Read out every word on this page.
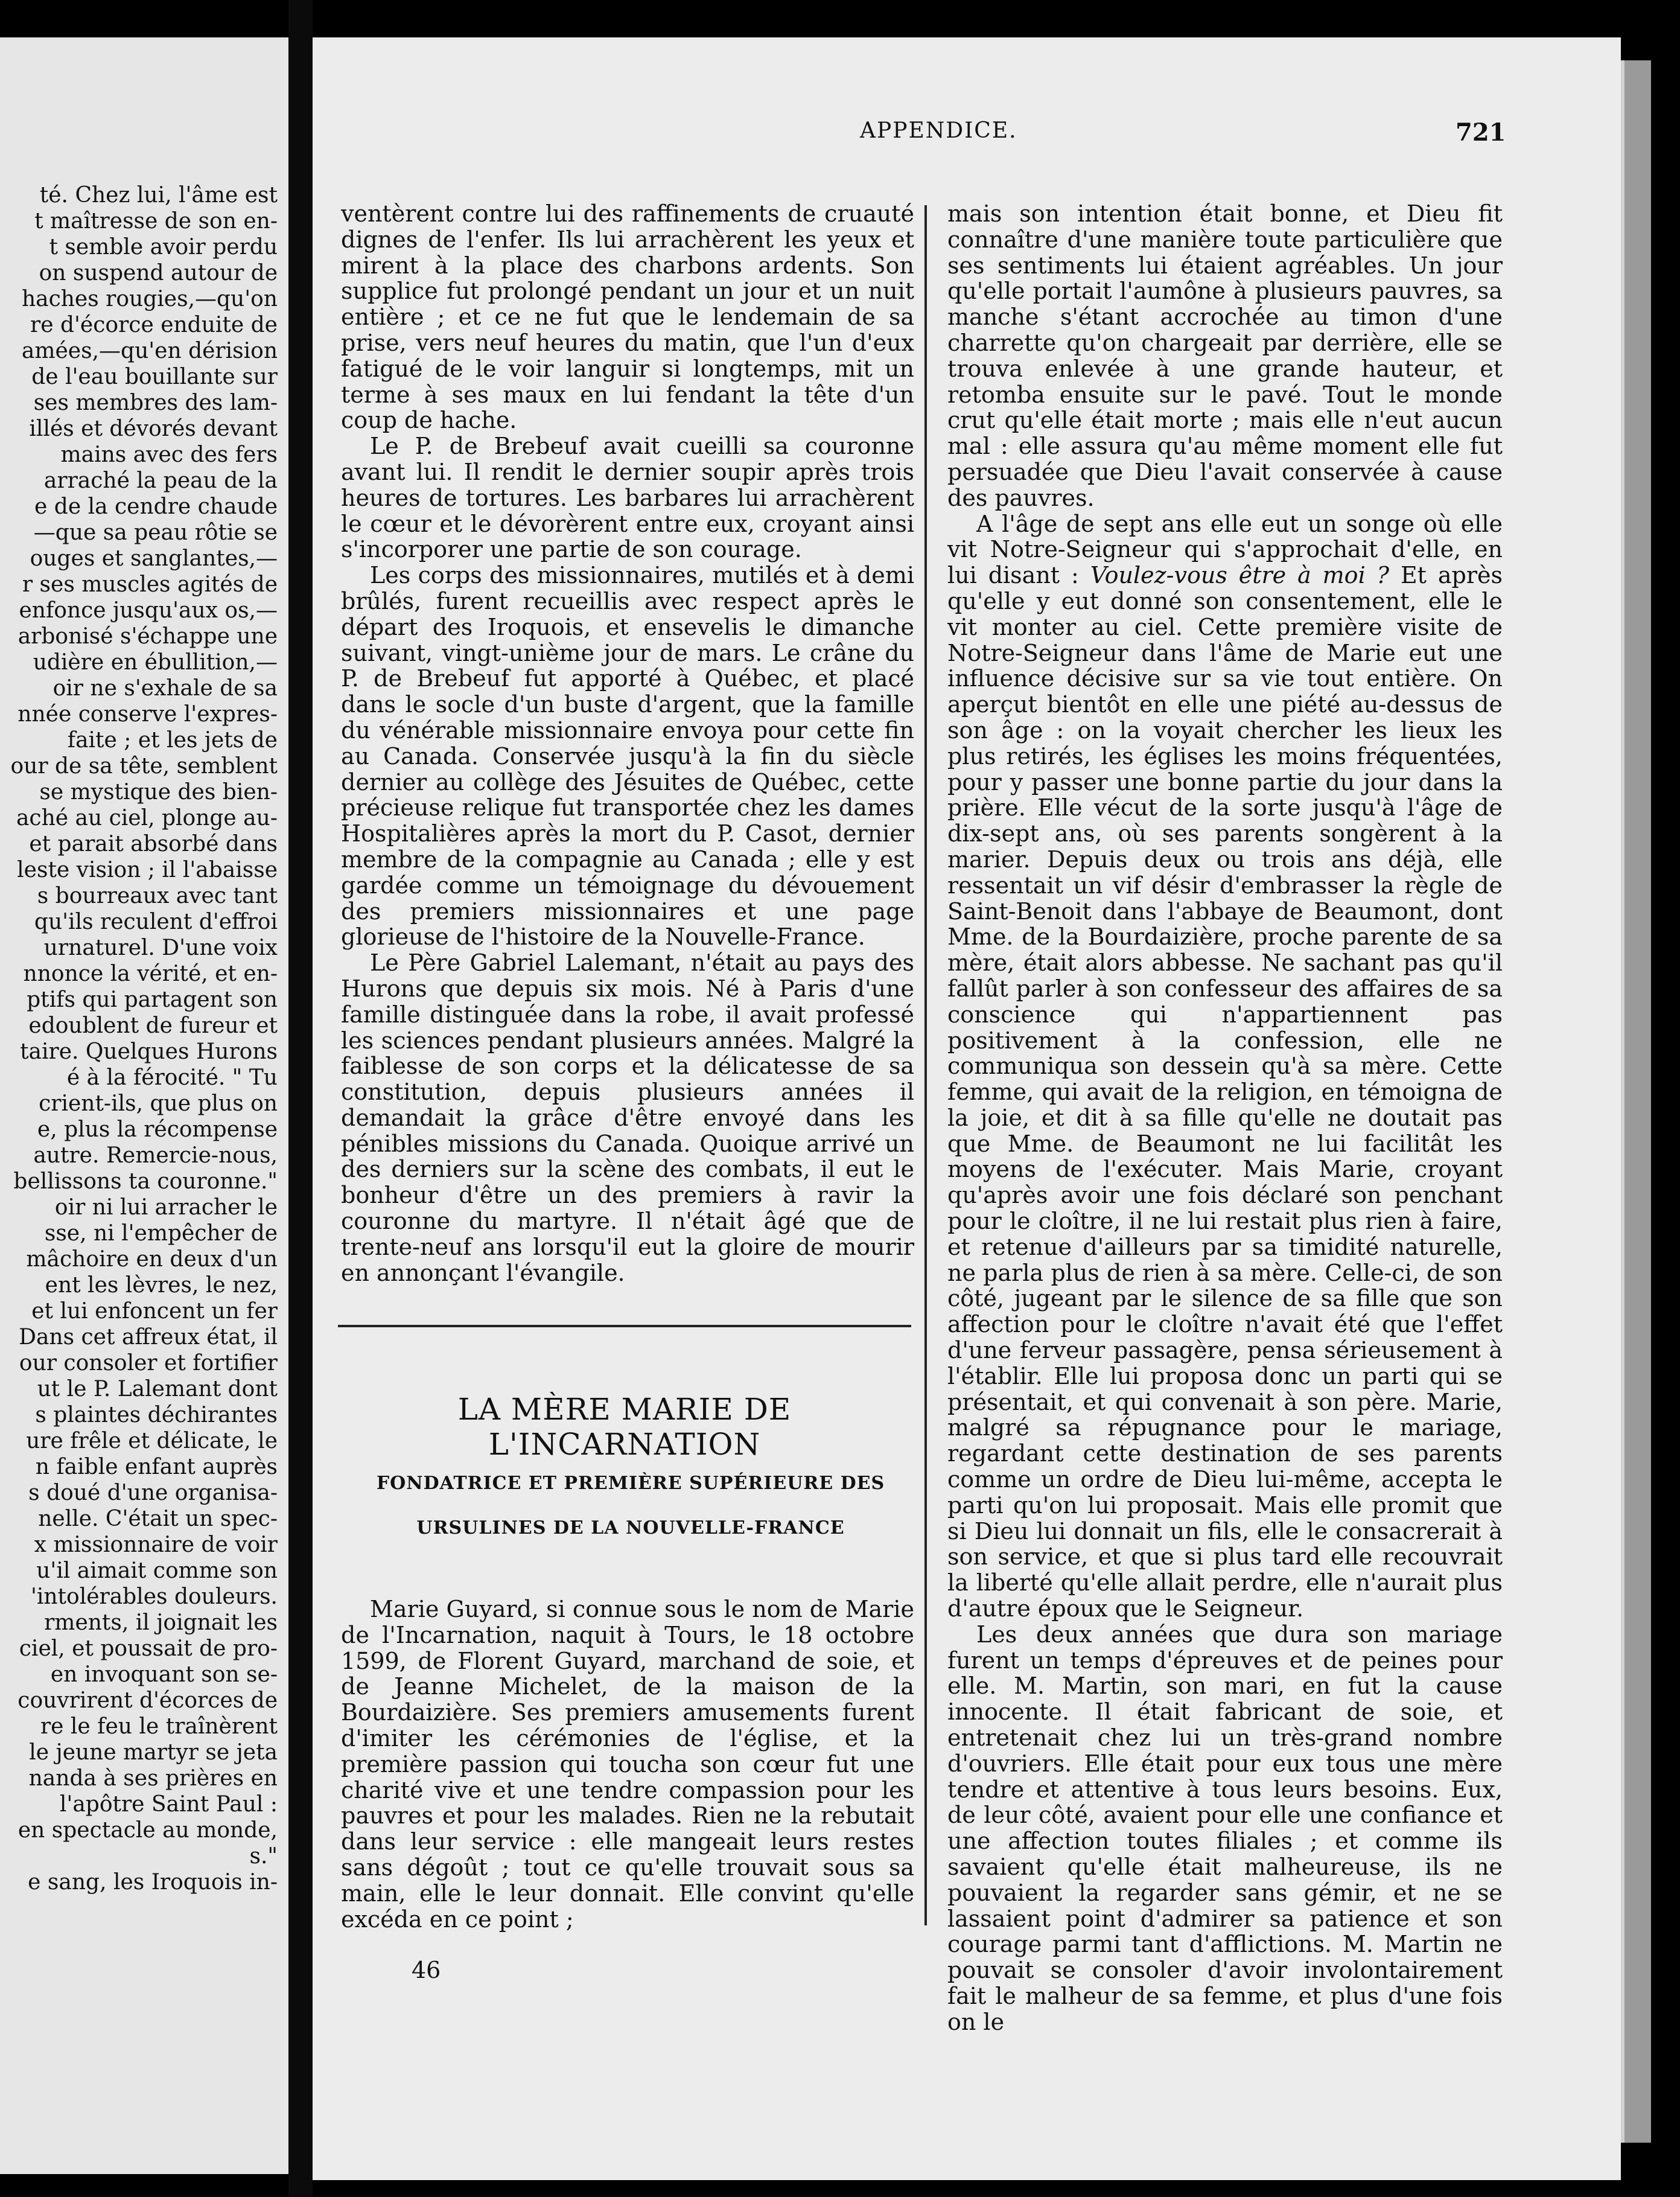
té. Chez lui, l'âme est
t maîtresse de son en-
t semble avoir perdu
on suspend autour de
haches rougies,—qu'on
re d'écorce enduite de
amées,—qu'en dérision
de l'eau bouillante sur
ses membres des lam-
illés et dévorés devant
mains avec des fers
arraché la peau de la
e de la cendre chaude
—que sa peau rôtie se
ouges et sanglantes,—
r ses muscles agités de
enfonce jusqu'aux os,—
arbonisé s'échappe une
udière en ébullition,—
oir ne s'exhale de sa
nnée conserve l'expres-
faite ; et les jets de
our de sa tête, semblent
se mystique des bien-
aché au ciel, plonge au-
et parait absorbé dans
leste vision ; il l'abaisse
s bourreaux avec tant
qu'ils reculent d'effroi
urnaturel. D'une voix
nnonce la vérité, et en-
ptifs qui partagent son
edoublent de fureur et
taire. Quelques Hurons
é à la férocité. " Tu
crient-ils, que plus on
e, plus la récompense
autre. Remercie-nous,
bellissons ta couronne."
oir ni lui arracher le
sse, ni l'empêcher de
mâchoire en deux d'un
ent les lèvres, le nez,
et lui enfoncent un fer
Dans cet affreux état, il
our consoler et fortifier
ut le P. Lalemant dont
s plaintes déchirantes
ure frêle et délicate, le
n faible enfant auprès
s doué d'une organisa-
nelle. C'était un spec-
x missionnaire de voir
u'il aimait comme son
'intolérables douleurs.
rments, il joignait les
ciel, et poussait de pro-
en invoquant son se-
couvrirent d'écorces de
re le feu le traînèrent
le jeune martyr se jeta
nanda à ses prières en
l'apôtre Saint Paul :
en spectacle au monde,
s."
e sang, les Iroquois in-
APPENDICE.	721

ventèrent contre lui des raffinements de cruauté dignes de l'enfer. Ils lui arrachèrent les yeux et mirent à la place des charbons ardents. Son supplice fut prolongé pendant un jour et un nuit entière ; et ce ne fut que le lendemain de sa prise, vers neuf heures du matin, que l'un d'eux fatigué de le voir languir si longtemps, mit un terme à ses maux en lui fendant la tête d'un coup de hache.

Le P. de Brebeuf avait cueilli sa couronne avant lui. Il rendit le dernier soupir après trois heures de tortures. Les barbares lui arrachèrent le cœur et le dévorèrent entre eux, croyant ainsi s'incorporer une partie de son courage.

Les corps des missionnaires, mutilés et à demi brûlés, furent recueillis avec respect après le départ des Iroquois, et ensevelis le dimanche suivant, vingt-unième jour de mars. Le crâne du P. de Brebeuf fut apporté à Québec, et placé dans le socle d'un buste d'argent, que la famille du vénérable missionnaire envoya pour cette fin au Canada. Conservée jusqu'à la fin du siècle dernier au collège des Jésuites de Québec, cette précieuse relique fut transportée chez les dames Hospitalières après la mort du P. Casot, dernier membre de la compagnie au Canada ; elle y est gardée comme un témoignage du dévouement des premiers missionnaires et une page glorieuse de l'histoire de la Nouvelle-France.

Le Père Gabriel Lalemant, n'était au pays des Hurons que depuis six mois. Né à Paris d'une famille distinguée dans la robe, il avait professé les sciences pendant plusieurs années. Malgré la faiblesse de son corps et la délicatesse de sa constitution, depuis plusieurs années il demandait la grâce d'être envoyé dans les pénibles missions du Canada. Quoique arrivé un des derniers sur la scène des combats, il eut le bonheur d'être un des premiers à ravir la couronne du martyre. Il n'était âgé que de trente-neuf ans lorsqu'il eut la gloire de mourir en annonçant l'évangile.

LA MÈRE MARIE DE L'INCARNATION
FONDATRICE ET PREMIÈRE SUPÉRIEURE DES
URSULINES DE LA NOUVELLE-FRANCE

Marie Guyard, si connue sous le nom de Marie de l'Incarnation, naquit à Tours, le 18 octobre 1599, de Florent Guyard, marchand de soie, et de Jeanne Michelet, de la maison de la Bourdaizière. Ses premiers amusements furent d'imiter les cérémonies de l'église, et la première passion qui toucha son cœur fut une charité vive et une tendre compassion pour les pauvres et pour les malades. Rien ne la rebutait dans leur service : elle mangeait leurs restes sans dégoût ; tout ce qu'elle trouvait sous sa main, elle le leur donnait. Elle convint qu'elle excéda en ce point ;

46

mais son intention était bonne, et Dieu fit connaître d'une manière toute particulière que ses sentiments lui étaient agréables. Un jour qu'elle portait l'aumône à plusieurs pauvres, sa manche s'étant accrochée au timon d'une charrette qu'on chargeait par derrière, elle se trouva enlevée à une grande hauteur, et retomba ensuite sur le pavé. Tout le monde crut qu'elle était morte ; mais elle n'eut aucun mal : elle assura qu'au même moment elle fut persuadée que Dieu l'avait conservée à cause des pauvres.

A l'âge de sept ans elle eut un songe où elle vit Notre-Seigneur qui s'approchait d'elle, en lui disant : Voulez-vous être à moi ? Et après qu'elle y eut donné son consentement, elle le vit monter au ciel. Cette première visite de Notre-Seigneur dans l'âme de Marie eut une influence décisive sur sa vie tout entière. On aperçut bientôt en elle une piété au-dessus de son âge : on la voyait chercher les lieux les plus retirés, les églises les moins fréquentées, pour y passer une bonne partie du jour dans la prière. Elle vécut de la sorte jusqu'à l'âge de dix-sept ans, où ses parents songèrent à la marier. Depuis deux ou trois ans déjà, elle ressentait un vif désir d'embrasser la règle de Saint-Benoit dans l'abbaye de Beaumont, dont Mme. de la Bourdaizière, proche parente de sa mère, était alors abbesse. Ne sachant pas qu'il fallût parler à son confesseur des affaires de sa conscience qui n'appartiennent pas positivement à la confession, elle ne communiqua son dessein qu'à sa mère. Cette femme, qui avait de la religion, en témoigna de la joie, et dit à sa fille qu'elle ne doutait pas que Mme. de Beaumont ne lui facilitât les moyens de l'exécuter. Mais Marie, croyant qu'après avoir une fois déclaré son penchant pour le cloître, il ne lui restait plus rien à faire, et retenue d'ailleurs par sa timidité naturelle, ne parla plus de rien à sa mère. Celle-ci, de son côté, jugeant par le silence de sa fille que son affection pour le cloître n'avait été que l'effet d'une ferveur passagère, pensa sérieusement à l'établir. Elle lui proposa donc un parti qui se présentait, et qui convenait à son père. Marie, malgré sa répugnance pour le mariage, regardant cette destination de ses parents comme un ordre de Dieu lui-même, accepta le parti qu'on lui proposait. Mais elle promit que si Dieu lui donnait un fils, elle le consacrerait à son service, et que si plus tard elle recouvrait la liberté qu'elle allait perdre, elle n'aurait plus d'autre époux que le Seigneur.

Les deux années que dura son mariage furent un temps d'épreuves et de peines pour elle. M. Martin, son mari, en fut la cause innocente. Il était fabricant de soie, et entretenait chez lui un très-grand nombre d'ouvriers. Elle était pour eux tous une mère tendre et attentive à tous leurs besoins. Eux, de leur côté, avaient pour elle une confiance et une affection toutes filiales ; et comme ils savaient qu'elle était malheureuse, ils ne pouvaient la regarder sans gémir, et ne se lassaient point d'admirer sa patience et son courage parmi tant d'afflictions. M. Martin ne pouvait se consoler d'avoir involontairement fait le malheur de sa femme, et plus d'une fois on le
